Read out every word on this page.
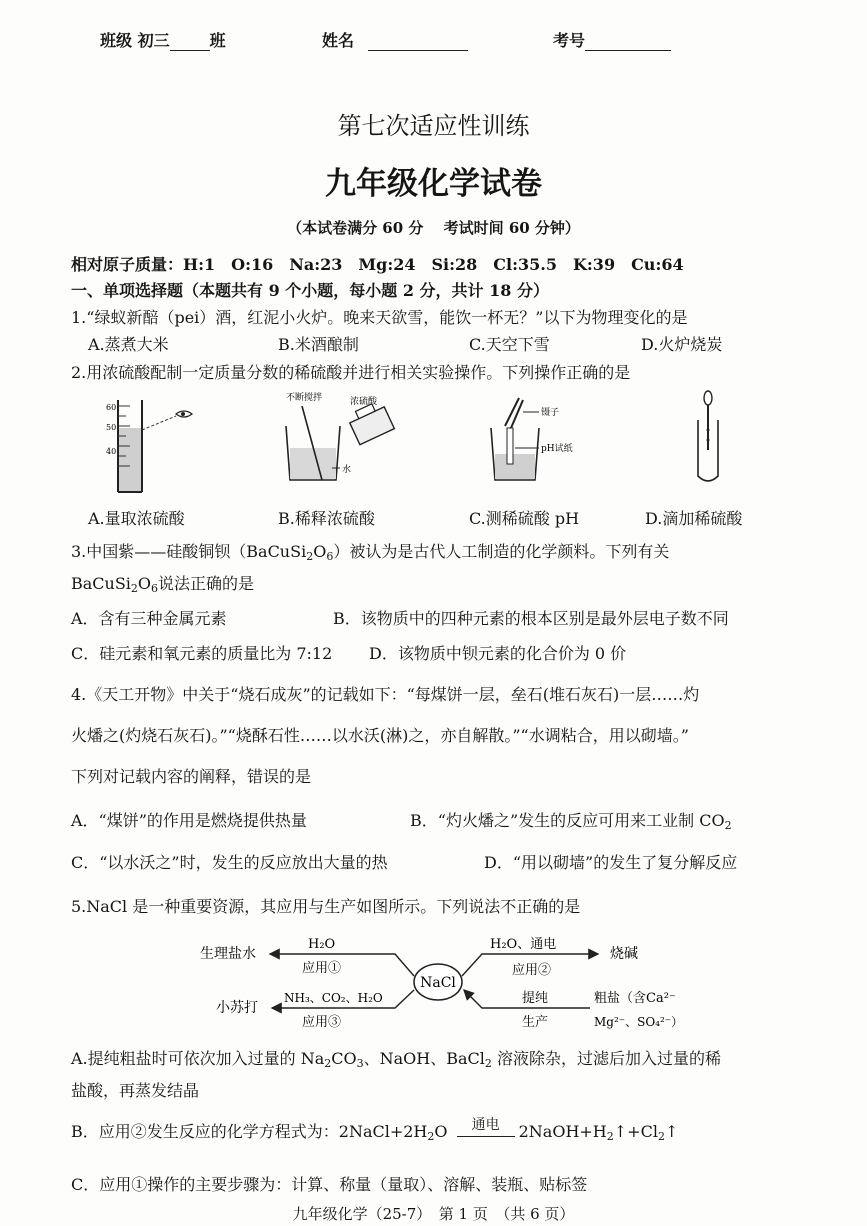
班级 初三	班	姓名	考号
第七次适应性训练
九年级化学试卷
（本试卷满分 60 分　 考试时间 60 分钟）
相对原子质量：H:1　O:16　Na:23　Mg:24　Si:28　Cl:35.5　K:39　Cu:64
一、单项选择题（本题共有 9 个小题，每小题 2 分，共计 18 分）
1.“绿蚁新醅（pei）酒，红泥小火炉。晚来天欲雪，能饮一杯无？”以下为物理变化的是
A.蒸煮大米	B.米酒酿制	C.天空下雪	D.火炉烧炭
2.用浓硫酸配制一定质量分数的稀硫酸并进行相关实验操作。下列操作正确的是
60
50
40
不断搅拌	浓硫酸
水
镊子
pH试纸
A.量取浓硫酸	B.稀释浓硫酸	C.测稀硫酸 pH	D.滴加稀硫酸
3.中国紫——硅酸铜钡$(BaCuSi_2O_6)$被认为是古代人工制造的化学颜料。下列有关
$BaCuSi_2O_6$说法正确的是
A．含有三种金属元素	B．该物质中的四种元素的根本区别是最外层电子数不同
C．硅元素和氧元素的质量比为 7:12 D．该物质中钡元素的化合价为 0 价
4.《天工开物》中关于“烧石成灰”的记载如下：“每煤饼一层，垒石(堆石灰石)一层……灼
火燔之(灼烧石灰石)。”“烧酥石性……以水沃(淋)之，亦自解散。”“水调粘合，用以砌墙。”
下列对记载内容的阐释，错误的是
A．“煤饼”的作用是燃烧提供热量	B．“灼火燔之”发生的反应可用来工业制 $CO_2$
C．“以水沃之”时，发生的反应放出大量的热	D．“用以砌墙”的发生了复分解反应
5.NaCl 是一种重要资源，其应用与生产如图所示。下列说法不正确的是
NaCl
生理盐水
H₂O
应用①
小苏打
NH₃、CO₂、H₂O
应用③
烧碱
H₂O、通电
应用②
粗盐（含Ca²⁻
Mg²⁻、SO₄²⁻）
提纯
生产
A.提纯粗盐时可依次加入过量的 $Na_2CO_3$、NaOH、BaCl$_2$ 溶液除杂，过滤后加入过量的稀
盐酸，再蒸发结晶
B．应用②发生反应的化学方程式为：$2NaCl+2H_2O$	通电	$2NaOH+H_2↑+Cl_2↑$
C．应用①操作的主要步骤为：计算、称量（量取）、溶解、装瓶、贴标签
九年级化学（25-7）　第 1 页　（共 6 页）
